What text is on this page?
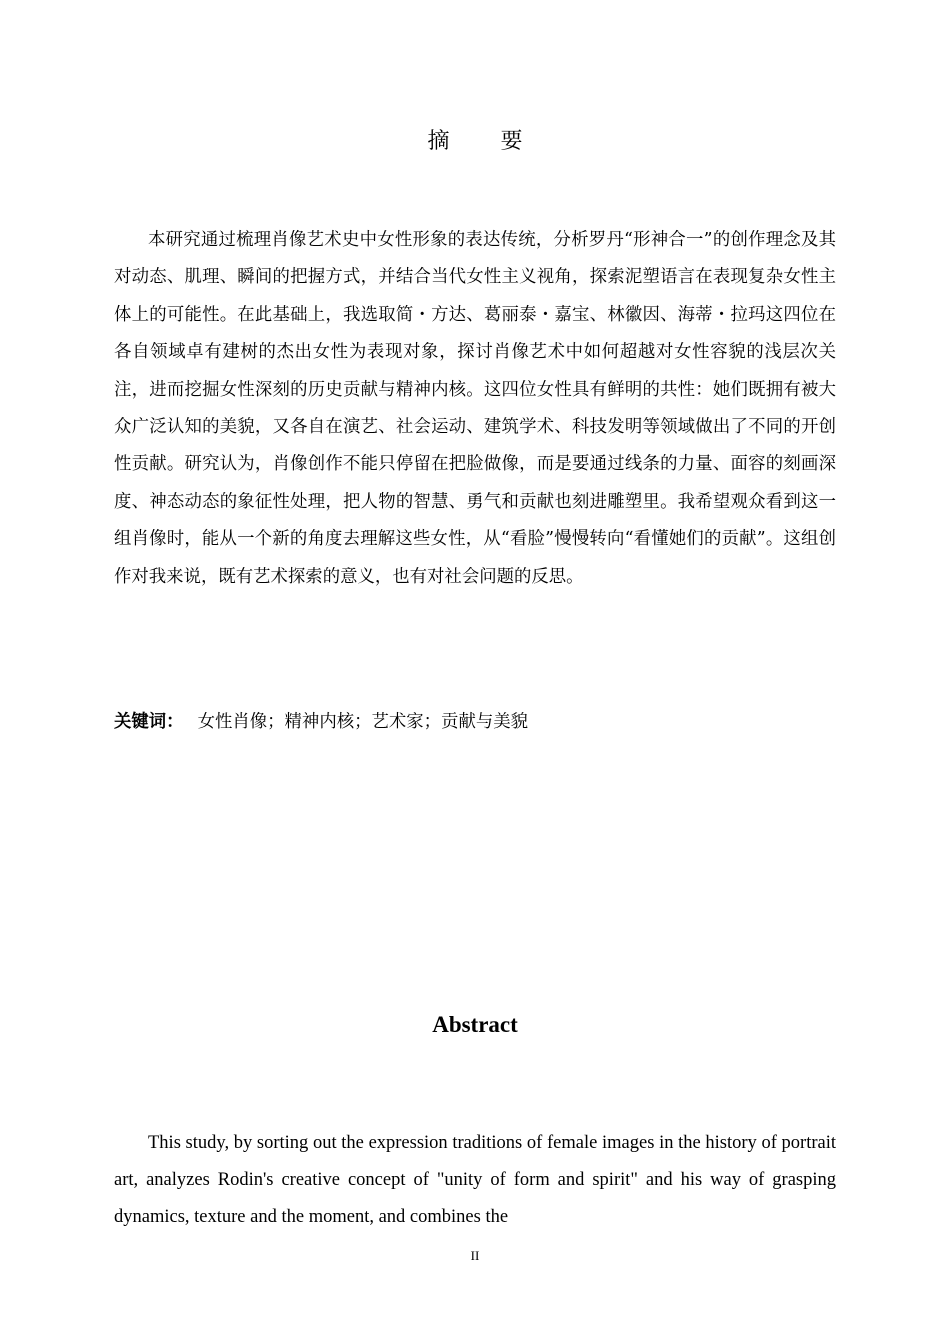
摘 要

本研究通过梳理肖像艺术史中女性形象的表达传统，分析罗丹“形神合一”的创作理念及其对动态、肌理、瞬间的把握方式，并结合当代女性主义视角，探索泥塑语言在表现复杂女性主体上的可能性。在此基础上，我选取简・方达、葛丽泰・嘉宝、林徽因、海蒂・拉玛这四位在各自领域卓有建树的杰出女性为表现对象，探讨肖像艺术中如何超越对女性容貌的浅层次关注，进而挖掘女性深刻的历史贡献与精神内核。这四位女性具有鲜明的共性：她们既拥有被大众广泛认知的美貌，又各自在演艺、社会运动、建筑学术、科技发明等领域做出了不同的开创性贡献。研究认为，肖像创作不能只停留在把脸做像，而是要通过线条的力量、面容的刻画深度、神态动态的象征性处理，把人物的智慧、勇气和贡献也刻进雕塑里。我希望观众看到这一组肖像时，能从一个新的角度去理解这些女性，从“看脸”慢慢转向“看懂她们的贡献”。这组创作对我来说，既有艺术探索的意义，也有对社会问题的反思。

关键词： 女性肖像；精神内核；艺术家；贡献与美貌
Abstract

This study, by sorting out the expression traditions of female images in the history of portrait art, analyzes Rodin's creative concept of "unity of form and spirit" and his way of grasping dynamics, texture and the moment, and combines the

II
